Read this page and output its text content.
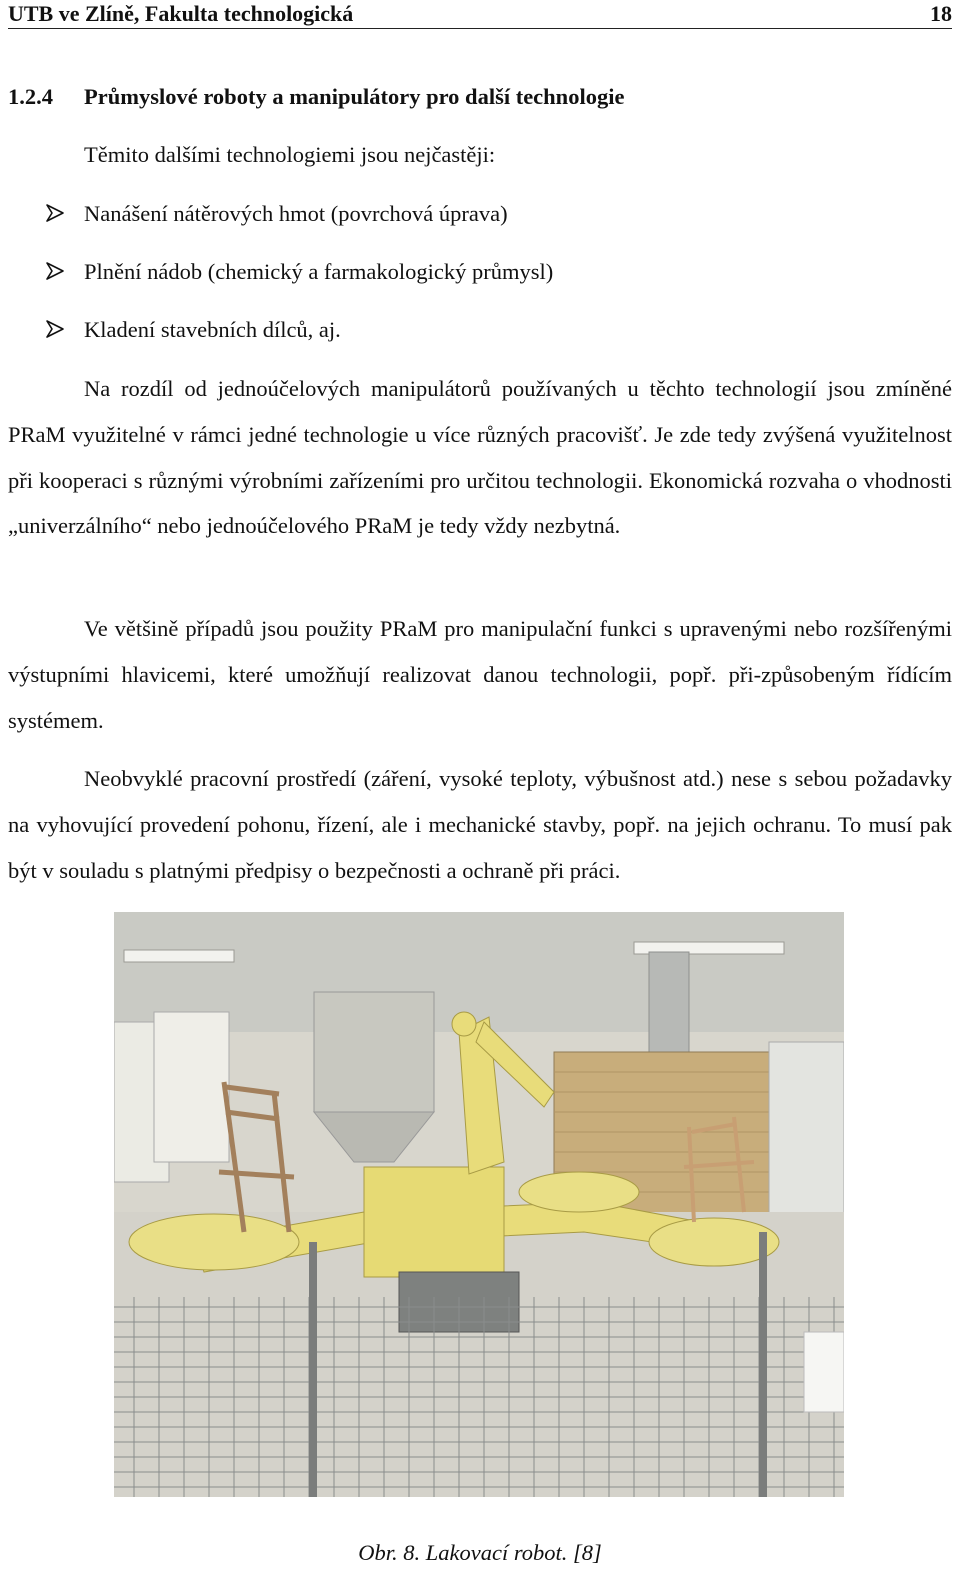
UTB ve Zlíně, Fakulta technologická	18
1.2.4 Průmyslové roboty a manipulátory pro další technologie
Těmito dalšími technologiemi jsou nejčastěji:
Nanášení nátěrových hmot (povrchová úprava)
Plnění nádob (chemický a farmakologický průmysl)
Kladení stavebních dílců, aj.

Na rozdíl od jednoúčelových manipulátorů používaných u těchto technologií jsou zmíněné PRaM využitelné v rámci jedné technologie u více různých pracovišť. Je zde tedy zvýšená využitelnost při kooperaci s různými výrobními zařízeními pro určitou technologii. Ekonomická rozvaha o vhodnosti „univerzálního“ nebo jednoúčelového PRaM je tedy vždy nezbytná.

Ve většině případů jsou použity PRaM pro manipulační funkci s upravenými nebo rozšířenými výstupními hlavicemi, které umožňují realizovat danou technologii, popř. při-způsobeným řídícím systémem.

Neobvyklé pracovní prostředí (záření, vysoké teploty, výbušnost atd.) nese s sebou požadavky na vyhovující provedení pohonu, řízení, ale i mechanické stavby, popř. na jejich ochranu. To musí pak být v souladu s platnými předpisy o bezpečnosti a ochraně při práci.

Obr. 8. Lakovací robot. [8]
